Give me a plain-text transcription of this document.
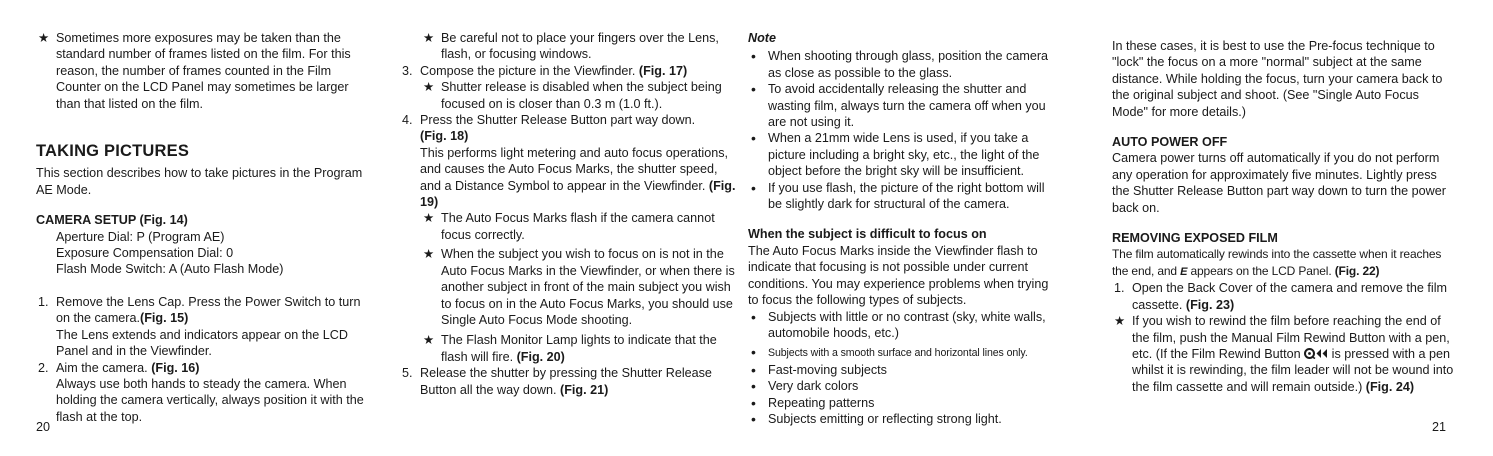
★ Sometimes more exposures may be taken than the standard number of frames listed on the film. For this reason, the number of frames counted in the Film Counter on the LCD Panel may sometimes be larger than that listed on the film.
TAKING PICTURES

This section describes how to take pictures in the Program AE Mode.

CAMERA SETUP (Fig. 14)

Aperture Dial: P (Program AE)

Exposure Compensation Dial: 0

Flash Mode Switch: A (Auto Flash Mode)

1. Remove the Lens Cap. Press the Power Switch to turn on the camera.(Fig. 15)
The Lens extends and indicators appear on the LCD Panel and in the Viewfinder.
2. Aim the camera. (Fig. 16)
Always use both hands to steady the camera. When holding the camera vertically, always position it with the flash at the top.
★ Be careful not to place your fingers over the Lens, flash, or focusing windows.
3. Compose the picture in the Viewfinder. (Fig. 17)
★ Shutter release is disabled when the subject being focused on is closer than 0.3 m (1.0 ft.).
4. Press the Shutter Release Button part way down.
(Fig. 18)
This performs light metering and auto focus operations, and causes the Auto Focus Marks, the shutter speed, and a Distance Symbol to appear in the Viewfinder. (Fig. 19)
★ The Auto Focus Marks flash if the camera cannot focus correctly.
★ When the subject you wish to focus on is not in the Auto Focus Marks in the Viewfinder, or when there is another subject in front of the main subject you wish to focus on in the Auto Focus Marks, you should use Single Auto Focus Mode shooting.
★ The Flash Monitor Lamp lights to indicate that the flash will fire. (Fig. 20)
5. Release the shutter by pressing the Shutter Release Button all the way down. (Fig. 21)

Note

• When shooting through glass, position the camera as close as possible to the glass.
• To avoid accidentally releasing the shutter and wasting film, always turn the camera off when you are not using it.
• When a 21mm wide Lens is used, if you take a picture including a bright sky, etc., the light of the object before the bright sky will be insufficient.
• If you use flash, the picture of the right bottom will be slightly dark for structural of the camera.
When the subject is difficult to focus on

The Auto Focus Marks inside the Viewfinder flash to indicate that focusing is not possible under current conditions. You may experience problems when trying to focus the following types of subjects.

• Subjects with little or no contrast (sky, white walls, automobile hoods, etc.)
• Subjects with a smooth surface and horizontal lines only.
• Fast-moving subjects
• Very dark colors
• Repeating patterns
• Subjects emitting or reflecting strong light.

In these cases, it is best to use the Pre-focus technique to "lock" the focus on a more "normal" subject at the same distance. While holding the focus, turn your camera back to the original subject and shoot. (See "Single Auto Focus Mode" for more details.)

AUTO POWER OFF

Camera power turns off automatically if you do not perform any operation for approximately five minutes. Lightly press the Shutter Release Button part way down to turn the power back on.

REMOVING EXPOSED FILM

The film automatically rewinds into the cassette when it reaches the end, and E appears on the LCD Panel. (Fig. 22)

1. Open the Back Cover of the camera and remove the film cassette. (Fig. 23)
★ If you wish to rewind the film before reaching the end of the film, push the Manual Film Rewind Button with a pen, etc. (If the Film Rewind Button  is pressed with a pen whilst it is rewinding, the film leader will not be wound into the film cassette and will remain outside.) (Fig. 24)
20	21
